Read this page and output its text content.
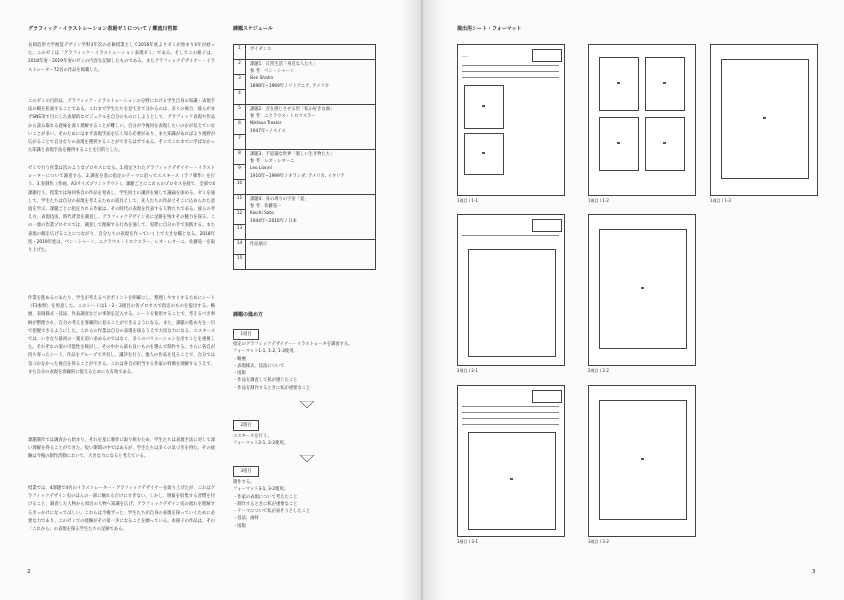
グラフィック・イラストレーション表現ゼミについて / 鄭流川哲郎

長岡造形大学視覚デザイン学科3年次の必修授業として2016年度よりゼミが始まり4年が経った。このゼミは「グラフィック・イラストレーション表現ゼミ」である。そしてこの冊子は、2018年度・2019年度のゼミの内容を記録したものである。またグラフィックデザイナー・イラストレーター72名の作品を掲載した。

このゼミの目的は、グラフィック・イラストレーションの分野における学生自身の知識・表現手法の幅を拡張することである。これまで学生たちを見てきて分かるのは、多くの場合、彼らがまずSNS等で目にした表層的なビジュアルを自分のものにしようとして、グラフィック表現や作品から読み取れる意味を深く理解することが難しい。自分が今後何を表現したいのかが見えていないことが多い。そのためにはまず表現手法を広く知る必要があり、また知識があればより視野が広がることで自分なりの表現を選択することができるはずである。そこでこれまでに学ばなかった知識と表現手法を獲得することを目的とした。

ゼミで行う作業は次のようなプロセスになる。1.指定されたグラフィックデザイナー・イラストレーターについて調査する。2.調査を基に指定のテーマに沿ってエスキース（ラフ制作）を行う。3.実制作（作画、A3サイズプリントアウト）。課題ごとにこれらのプロセスを経て、全部で4課題行う。授業では毎回各自の作品を発表し、学生同士の講評を通して議論を深める。ゼミを通して、学生たちは自分の表現を考えるための道具として、先人たちの作品とそこに込められた意図を学ぶ。課題ごとに指定される作家は、その時代の表現を代表する人物たちである。彼らの考え方、表現技法、時代背景を調査し、グラフィックデザイン史に足跡を残すその魅力を探る。この一連の作業プロセスでは、調査して理解する行為を通して、実際に自分の手で実践する。また表現の幅を広げることにつながり、自分たちの表現を作っていく上で大きな糧となる。2018年度・2019年度は、ベン・シャーン、ニクラウス・トロクスラー、レオ・レオーニ、佐藤晃一を取り上げた。

作業を進めるにあたり、学生が考えるべきポイントを明確にし、整理しやすくするためにシート（F3参照）を用意した。このシートは1・2・3週目の各プロセスで指定のものを提出する。略歴、表現様式・技法、作品調査などの事項を記入する。シートを使用することで、考えるべき事柄が整理され、自分の考えを客観的に見ることができるようになる。また、課題の進め方を一目で把握できるようにした。これらの作業は自分の表現を探るうえで大切な力になる。エスキースでは、いきなり最初の一案を追い求めるのではなく、多くのバリエーションを出すことを重視した。それぞれの案の可能性を検討し、その中から最も良いものを選んで制作する。さらに各自が持ち寄ったシート、作品をグループで共有し、講評を行う。他人の作品を見ることで、自分では気づかなかった視点を得ることができる。これは各自が担当する作家の特徴を理解するうえで、また自分の表現を客観的に捉えるためにも有効である。

課題制作では調査から始まり、それを基に制作に取り組むため、学生たちは表現手法に対して深い理解を得ることができた。短い期間の中ではあるが、学生たちは多くの気づきを得た。その経験は今後の制作活動において、大きな力になると考えている。

授業では、4課題で4名のイラストレーター・グラフィックデザイナーを取り上げたが、これはグラフィックデザイン史のほんの一部に触れるだけにすぎない。しかし、情報を収集する習慣を付けること、調査した人物から周辺の人物へ知識を広げ、グラフィックデザイン史の流れを理解するきっかけになってほしい。これらは今後ずっと、学生たちが自身の表現を探っていくために必要な力であり、このゼミでの経験がその第一歩になることを願っている。本冊子の作品は、その「これから」の表現を探る学生たちの足跡である。

課題スケジュール
1	ガイダンス

2	課題1：日常生活「身近な人たち」
参 考：ベン・シャーン
Ben Shahn
1898年−1969年 / リトアニア, アメリカ

3	
4	
5	課題2：音を感じさせる形「私の好きな曲」
参 考：ニクラウス・トロクスラー
Niklaus Troxler
1947年− / スイス

6	
7	
8	課題3：不思議な世界「楽しい生き物たち」
参 考：レオ・レオーニ
Leo Lionni
1910年−1999年 / オランダ, アメリカ, イタリア

9	
10	
11	課題4：身の周りの宇宙「宴」
参 考：佐藤晃一
Koichi Sato
1944年−2016年 / 日本

12	
13	
14	作品展示

15	
課題の進め方
1週目
指定のグラフィックデザイナー・イラストレータを調査する。
フォーマット1-1, 1-2, 1-3使用。
・略歴
・表現様式、技法について
・図版
・作品を調査して私が感じたこと
・作品を制作するときに私が重要なこと
2週目
エスキースを行う。
フォーマット2-1, 2-2使用。
3週目
制作する。
フォーマット3-1, 3-2使用。
・作家の表現について考えたこと
・制作するときに私が重要なこと
・テーマについて私が表そうとしたこと
・技法、画材
・図版
2
提出用シート・フォーマット
────
1週目 / 1-1	1週目 / 1-2	1週目 / 1-3
2週目 / 2-1	2週目 / 2-2
3週目 / 3-1	3週目 / 3-2
3
